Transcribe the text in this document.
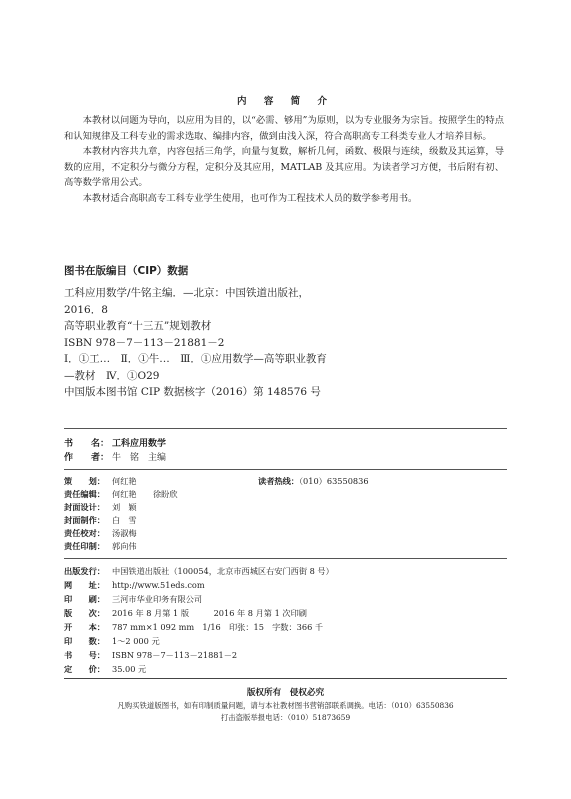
内 容 简 介

本教材以问题为导向，以应用为目的，以“必需、够用”为原则，以为专业服务为宗旨。按照学生的特点和认知规律及工科专业的需求选取、编排内容，做到由浅入深，符合高职高专工科类专业人才培养目标。

本教材内容共九章，内容包括三角学，向量与复数，解析几何，函数、极限与连续，级数及其运算，导数的应用，不定积分与微分方程，定积分及其应用，MATLAB 及其应用。为读者学习方便，书后附有初、高等数学常用公式。

本教材适合高职高专工科专业学生使用，也可作为工程技术人员的数学参考用书。

图书在版编目（CIP）数据

工科应用数学/牛铭主编．—北京：中国铁道出版社，2016．8

高等职业教育“十三五”规划教材

ISBN 978－7－113－21881－2

Ⅰ．①工…　Ⅱ．①牛…　Ⅲ．①应用数学—高等职业教育—教材　Ⅳ．①O29

中国版本图书馆 CIP 数据核字（2016）第 148576 号

书　　名： 工科应用数学
作　　者： 牛　铭　主编
策　　划： 何红艳
责任编辑： 何红艳　　徐盼欣
封面设计： 刘　颖
封面制作： 白　雪
责任校对： 汤淑梅
责任印制： 郭向伟
读者热线：（010）63550836
出版发行： 中国铁道出版社（100054，北京市西城区右安门西街 8 号）
网　　址： http://www.51eds.com
印　　刷： 三河市华业印务有限公司
版　　次： 2016 年 8 月第 1 版　　　2016 年 8 月第 1 次印刷
开　　本： 787 mm×1 092 mm　1/16　印张：15　字数：366 千
印　　数： 1～2 000 元
书　　号： ISBN 978－7－113－21881－2
定　　价： 35.00 元
版权所有　侵权必究
凡购买铁道版图书，如有印制质量问题，请与本社教材图书营销部联系调换。电话：（010）63550836
打击盗版举报电话：（010）51873659
